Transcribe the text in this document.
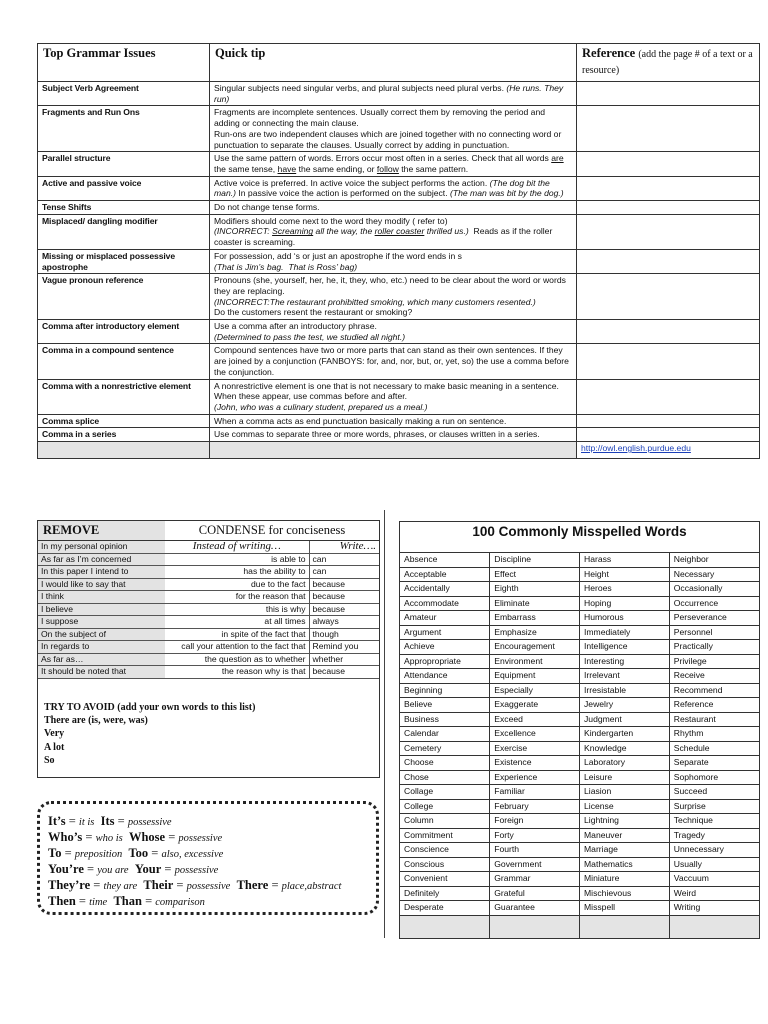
Top Grammar Issues	Quick tip	Reference (add the page # of a text or a resource)
Subject Verb Agreement	Singular subjects need singular verbs, and plural subjects need plural verbs. (He runs. They run)	
Fragments and Run Ons	Fragments are incomplete sentences. Usually correct them by removing the period and adding or connecting the main clause.
Run-ons are two independent clauses which are joined together with no connecting word or punctuation to separate the clauses. Usually correct by adding in punctuation.	
Parallel structure	Use the same pattern of words. Errors occur most often in a series. Check that all words are the same tense, have the same ending, or follow the same pattern.	
Active and passive voice	Active voice is preferred. In active voice the subject performs the action. (The dog bit the man.) In passive voice the action is performed on the subject. (The man was bit by the dog.)	
Tense Shifts	Do not change tense forms.	
Misplaced/ dangling modifier	Modifiers should come next to the word they modify ( refer to)
(INCORRECT: Screaming all the way, the roller coaster thrilled us.)  Reads as if the roller coaster is screaming.	
Missing or misplaced possessive apostrophe	For possession, add ‘s or just an apostrophe if the word ends in s
(That is Jim’s bag.  That is Ross’ bag)	
Vague pronoun reference	Pronouns (she, yourself, her, he, it, they, who, etc.) need to be clear about the word or words they are replacing.
(INCORRECT:The restaurant prohibitted smoking, which many customers resented.)
Do the customers resent the restaurant or smoking?	
Comma after introductory element	Use a comma after an introductory phrase.
(Determined to pass the test, we studied all night.)	
Comma in a compound sentence	Compound sentences have two or more parts that can stand as their own sentences. If they are joined by a conjunction (FANBOYS: for, and, nor, but, or, yet, so) the use a comma before the conjunction.	
Comma with a nonrestrictive element	A nonrestrictive element is one that is not necessary to make basic meaning in a sentence. When these appear, use commas before and after.
(John, who was a culinary student, prepared us a meal.)	
Comma splice	When a comma acts as end punctuation basically making a run on sentence.	
Comma in a series	Use commas to separate three or more words, phrases, or clauses written in a series.	
		http://owl.english.purdue.edu
REMOVE	CONDENSE for conciseness	
In my personal opinion	Instead of writing…	Write….
As far as I’m concerned	is able to	can
In this paper I intend to	has the ability to	can
I would like to say that	due to the fact	because
I think	for the reason that	because
I believe	this is why	because
I suppose	at all times	always
On the subject of	in spite of the fact that	though
In regards to	call your attention to the fact that	Remind you
As far as…	the question as to whether	whether
It should be noted that	the reason why is that	because
TRY TO AVOID (add your own words to this list)
There are (is, were, was)
Very
A lot
So
It’s = it is Its = possessive
Who’s = who is Whose = possessive
To = preposition Too = also, excessive
You’re = you are Your = possessive
They’re = they are Their = possessive There = place,abstract
Then = time Than = comparison
100 Commonly Misspelled Words
Absence	Discipline	Harass	Neighbor
Acceptable	Effect	Height	Necessary
Accidentally	Eighth	Heroes	Occasionally
Accommodate	Eliminate	Hoping	Occurrence
Amateur	Embarrass	Humorous	Perseverance
Argument	Emphasize	Immediately	Personnel
Achieve	Encouragement	Intelligence	Practically
Appropropriate	Environment	Interesting	Privilege
Attendance	Equipment	Irrelevant	Receive
Beginning	Especially	Irresistable	Recommend
Believe	Exaggerate	Jewelry	Reference
Business	Exceed	Judgment	Restaurant
Calendar	Excellence	Kindergarten	Rhythm
Cemetery	Exercise	Knowledge	Schedule
Choose	Existence	Laboratory	Separate
Chose	Experience	Leisure	Sophomore
Collage	Familiar	Liasion	Succeed
College	February	License	Surprise
Column	Foreign	Lightning	Technique
Commitment	Forty	Maneuver	Tragedy
Conscience	Fourth	Marriage	Unnecessary
Conscious	Government	Mathematics	Usually
Convenient	Grammar	Miniature	Vaccuum
Definitely	Grateful	Mischievous	Weird
Desperate	Guarantee	Misspell	Writing
